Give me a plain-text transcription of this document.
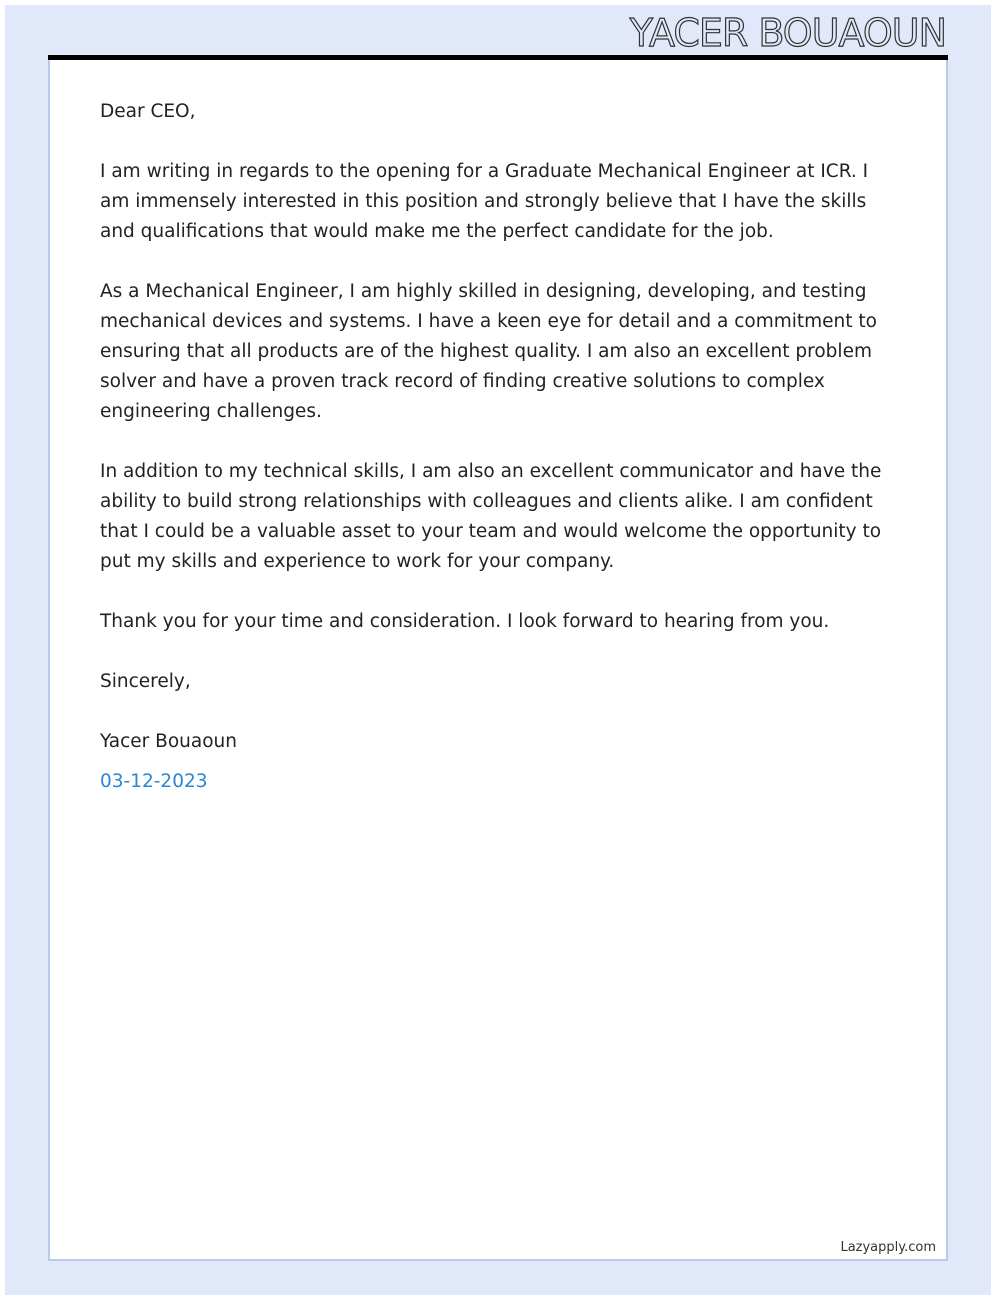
YACER BOUAOUN

Dear CEO,

I am writing in regards to the opening for a Graduate Mechanical Engineer at ICR. I am immensely interested in this position and strongly believe that I have the skills and qualifications that would make me the perfect candidate for the job.

As a Mechanical Engineer, I am highly skilled in designing, developing, and testing mechanical devices and systems. I have a keen eye for detail and a commitment to ensuring that all products are of the highest quality. I am also an excellent problem solver and have a proven track record of finding creative solutions to complex engineering challenges.

In addition to my technical skills, I am also an excellent communicator and have the ability to build strong relationships with colleagues and clients alike. I am confident that I could be a valuable asset to your team and would welcome the opportunity to put my skills and experience to work for your company.

Thank you for your time and consideration. I look forward to hearing from you.

Sincerely,

Yacer Bouaoun

03-12-2023
Lazyapply.com
